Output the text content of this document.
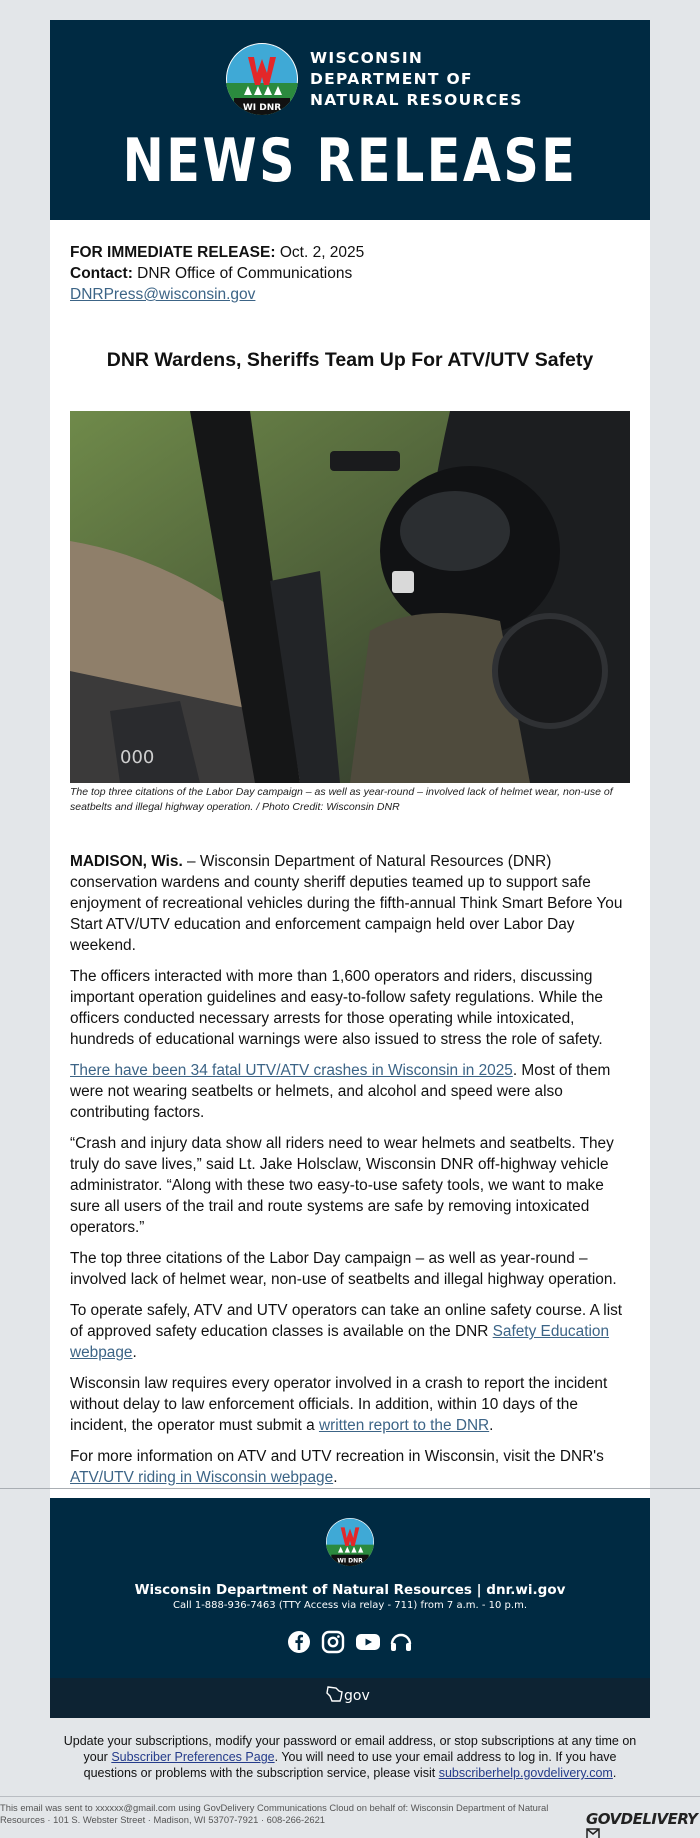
WI DNR
WISCONSIN
DEPARTMENT OF
NATURAL RESOURCES
NEWS RELEASE
FOR IMMEDIATE RELEASE: Oct. 2, 2025
Contact: DNR Office of Communications
DNRPress@wisconsin.gov
DNR Wardens, Sheriffs Team Up For ATV/UTV Safety
000
The top three citations of the Labor Day campaign – as well as year-round – involved lack of helmet wear, non-use of seatbelts and illegal highway operation. / Photo Credit: Wisconsin DNR

MADISON, Wis. – Wisconsin Department of Natural Resources (DNR) conservation wardens and county sheriff deputies teamed up to support safe enjoyment of recreational vehicles during the fifth-annual Think Smart Before You Start ATV/UTV education and enforcement campaign held over Labor Day weekend.

The officers interacted with more than 1,600 operators and riders, discussing important operation guidelines and easy-to-follow safety regulations. While the officers conducted necessary arrests for those operating while intoxicated, hundreds of educational warnings were also issued to stress the role of safety.

There have been 34 fatal UTV/ATV crashes in Wisconsin in 2025. Most of them were not wearing seatbelts or helmets, and alcohol and speed were also contributing factors.

“Crash and injury data show all riders need to wear helmets and seatbelts. They truly do save lives,” said Lt. Jake Holsclaw, Wisconsin DNR off-highway vehicle administrator. “Along with these two easy-to-use safety tools, we want to make sure all users of the trail and route systems are safe by removing intoxicated operators.”

The top three citations of the Labor Day campaign – as well as year-round – involved lack of helmet wear, non-use of seatbelts and illegal highway operation.

To operate safely, ATV and UTV operators can take an online safety course. A list of approved safety education classes is available on the DNR Safety Education webpage.

Wisconsin law requires every operator involved in a crash to report the incident without delay to law enforcement officials. In addition, within 10 days of the incident, the operator must submit a written report to the DNR.

For more information on ATV and UTV recreation in Wisconsin, visit the DNR's ATV/UTV riding in Wisconsin webpage.

WI DNR
Wisconsin Department of Natural Resources | dnr.wi.gov
Call 1-888-936-7463 (TTY Access via relay - 711) from 7 a.m. - 10 p.m.
gov
Update your subscriptions, modify your password or email address, or stop subscriptions at any time on your Subscriber Preferences Page. You will need to use your email address to log in. If you have questions or problems with the subscription service, please visit subscriberhelp.govdelivery.com.
This email was sent to xxxxxx@gmail.com using GovDelivery Communications Cloud on behalf of: Wisconsin Department of Natural Resources · 101 S. Webster Street · Madison, WI 53707-7921 · 608-266-2621	GOVDELIVERY
